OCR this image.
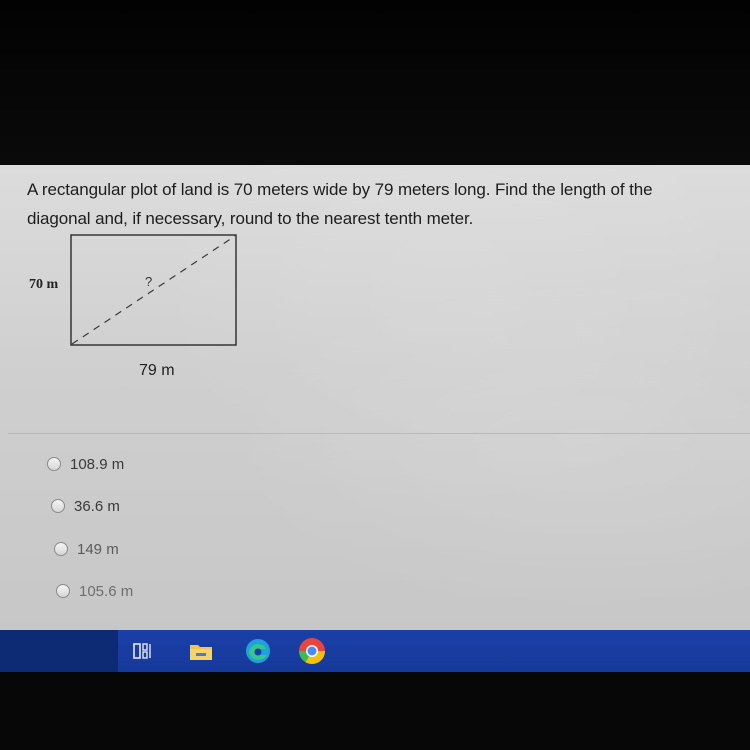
A rectangular plot of land is 70 meters wide by 79 meters long. Find the length of the
diagonal and, if necessary, round to the nearest tenth meter.
70 m	?
79 m
108.9 m
36.6 m
149 m
105.6 m
